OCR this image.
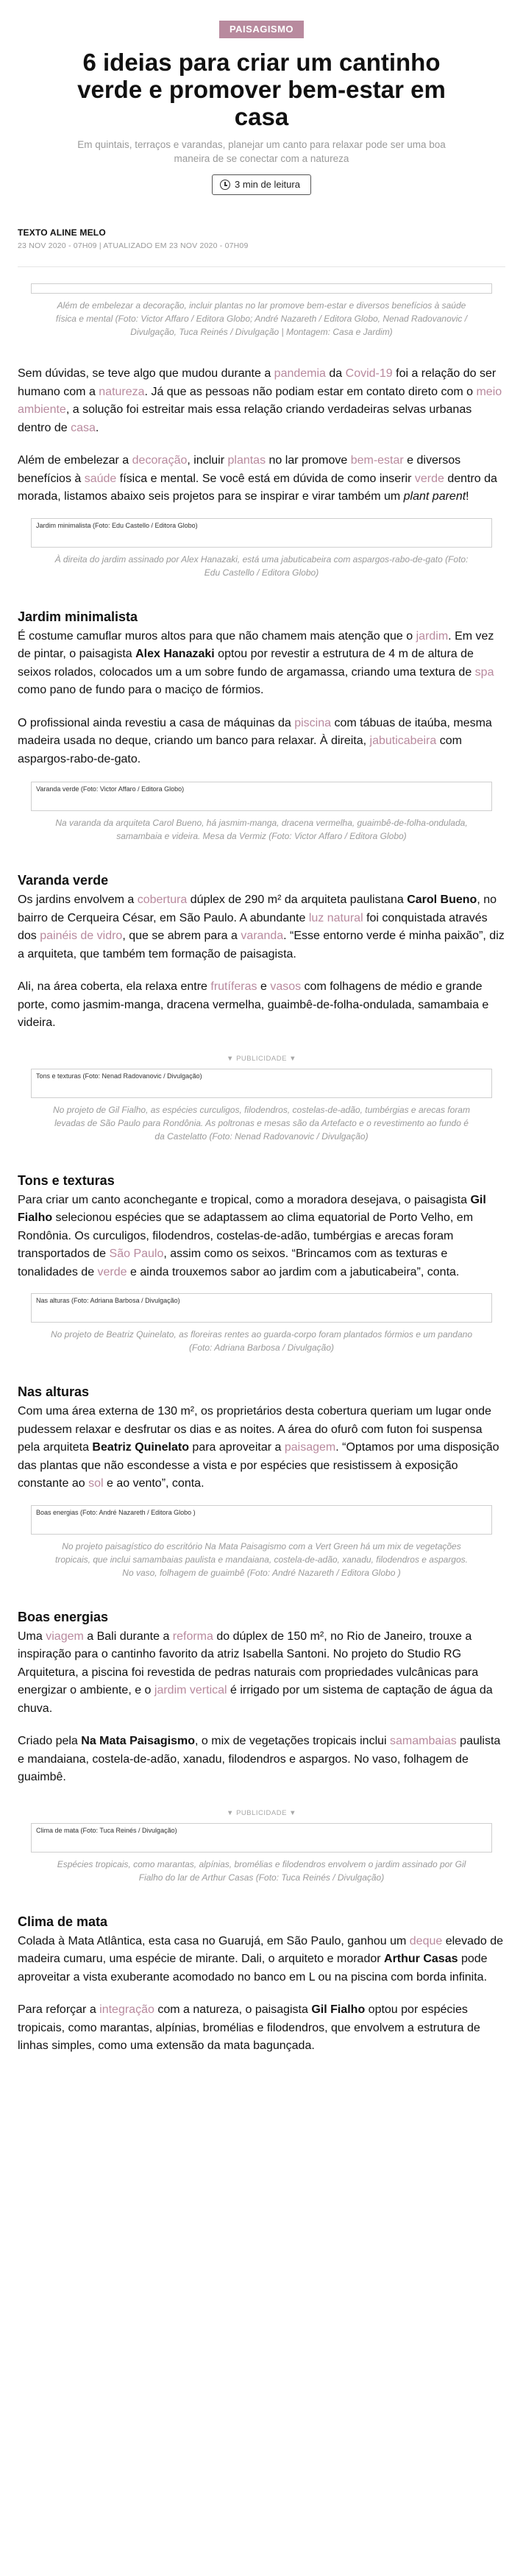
PAISAGISMO
6 ideias para criar um cantinho verde e promover bem-estar em casa

Em quintais, terraços e varandas, planejar um canto para relaxar pode ser uma boa maneira de se conectar com a natureza

3 min de leitura
TEXTO ALINE MELO
23 NOV 2020 - 07H09 | ATUALIZADO EM 23 NOV 2020 - 07H09

Além de embelezar a decoração, incluir plantas no lar promove bem-estar e diversos benefícios à saúde física e mental (Foto: Victor Affaro / Editora Globo; André Nazareth / Editora Globo, Nenad Radovanovic / Divulgação, Tuca Reinés / Divulgação | Montagem: Casa e Jardim)

Sem dúvidas, se teve algo que mudou durante a pandemia da Covid-19 foi a relação do ser humano com a natureza. Já que as pessoas não podiam estar em contato direto com o meio ambiente, a solução foi estreitar mais essa relação criando verdadeiras selvas urbanas dentro de casa.

Além de embelezar a decoração, incluir plantas no lar promove bem-estar e diversos benefícios à saúde física e mental. Se você está em dúvida de como inserir verde dentro da morada, listamos abaixo seis projetos para se inspirar e virar também um plant parent!

Jardim minimalista (Foto: Edu Castello / Editora Globo)

À direita do jardim assinado por Alex Hanazaki, está uma jabuticabeira com aspargos-rabo-de-gato (Foto: Edu Castello / Editora Globo)

Jardim minimalista

É costume camuflar muros altos para que não chamem mais atenção que o jardim. Em vez de pintar, o paisagista Alex Hanazaki optou por revestir a estrutura de 4 m de altura de seixos rolados, colocados um a um sobre fundo de argamassa, criando uma textura de spa como pano de fundo para o maciço de fórmios.

O profissional ainda revestiu a casa de máquinas da piscina com tábuas de itaúba, mesma madeira usada no deque, criando um banco para relaxar. À direita, jabuticabeira com aspargos-rabo-de-gato.

Varanda verde (Foto: Victor Affaro / Editora Globo)

Na varanda da arquiteta Carol Bueno, há jasmim-manga, dracena vermelha, guaimbê-de-folha-ondulada, samambaia e videira. Mesa da Vermiz (Foto: Victor Affaro / Editora Globo)

Varanda verde

Os jardins envolvem a cobertura dúplex de 290 m² da arquiteta paulistana Carol Bueno, no bairro de Cerqueira César, em São Paulo. A abundante luz natural foi conquistada através dos painéis de vidro, que se abrem para a varanda. “Esse entorno verde é minha paixão”, diz a arquiteta, que também tem formação de paisagista.

Ali, na área coberta, ela relaxa entre frutíferas e vasos com folhagens de médio e grande porte, como jasmim-manga, dracena vermelha, guaimbê-de-folha-ondulada, samambaia e videira.

▼ PUBLICIDADE ▼
Tons e texturas (Foto: Nenad Radovanovic / Divulgação)

No projeto de Gil Fialho, as espécies curculigos, filodendros, costelas-de-adão, tumbérgias e arecas foram levadas de São Paulo para Rondônia. As poltronas e mesas são da Artefacto e o revestimento ao fundo é da Castelatto (Foto: Nenad Radovanovic / Divulgação)

Tons e texturas

Para criar um canto aconchegante e tropical, como a moradora desejava, o paisagista Gil Fialho selecionou espécies que se adaptassem ao clima equatorial de Porto Velho, em Rondônia. Os curculigos, filodendros, costelas-de-adão, tumbérgias e arecas foram transportados de São Paulo, assim como os seixos. “Brincamos com as texturas e tonalidades de verde e ainda trouxemos sabor ao jardim com a jabuticabeira”, conta.

Nas alturas (Foto: Adriana Barbosa / Divulgação)

No projeto de Beatriz Quinelato, as floreiras rentes ao guarda-corpo foram plantados fórmios e um pandano (Foto: Adriana Barbosa / Divulgação)

Nas alturas

Com uma área externa de 130 m², os proprietários desta cobertura queriam um lugar onde pudessem relaxar e desfrutar os dias e as noites. A área do ofurô com futon foi suspensa pela arquiteta Beatriz Quinelato para aproveitar a paisagem. “Optamos por uma disposição das plantas que não escondesse a vista e por espécies que resistissem à exposição constante ao sol e ao vento”, conta.

Boas energias (Foto: André Nazareth / Editora Globo )

No projeto paisagístico do escritório Na Mata Paisagismo com a Vert Green há um mix de vegetações tropicais, que inclui samambaias paulista e mandaiana, costela-de-adão, xanadu, filodendros e aspargos. No vaso, folhagem de guaimbê (Foto: André Nazareth / Editora Globo )

Boas energias

Uma viagem a Bali durante a reforma do dúplex de 150 m², no Rio de Janeiro, trouxe a inspiração para o cantinho favorito da atriz Isabella Santoni. No projeto do Studio RG Arquitetura, a piscina foi revestida de pedras naturais com propriedades vulcânicas para energizar o ambiente, e o jardim vertical é irrigado por um sistema de captação de água da chuva.

Criado pela Na Mata Paisagismo, o mix de vegetações tropicais inclui samambaias paulista e mandaiana, costela-de-adão, xanadu, filodendros e aspargos. No vaso, folhagem de guaimbê.

▼ PUBLICIDADE ▼
Clima de mata (Foto: Tuca Reinés / Divulgação)

Espécies tropicais, como marantas, alpínias, bromélias e filodendros envolvem o jardim assinado por Gil Fialho do lar de Arthur Casas (Foto: Tuca Reinés / Divulgação)

Clima de mata

Colada à Mata Atlântica, esta casa no Guarujá, em São Paulo, ganhou um deque elevado de madeira cumaru, uma espécie de mirante. Dali, o arquiteto e morador Arthur Casas pode aproveitar a vista exuberante acomodado no banco em L ou na piscina com borda infinita.

Para reforçar a integração com a natureza, o paisagista Gil Fialho optou por espécies tropicais, como marantas, alpínias, bromélias e filodendros, que envolvem a estrutura de linhas simples, como uma extensão da mata bagunçada.
